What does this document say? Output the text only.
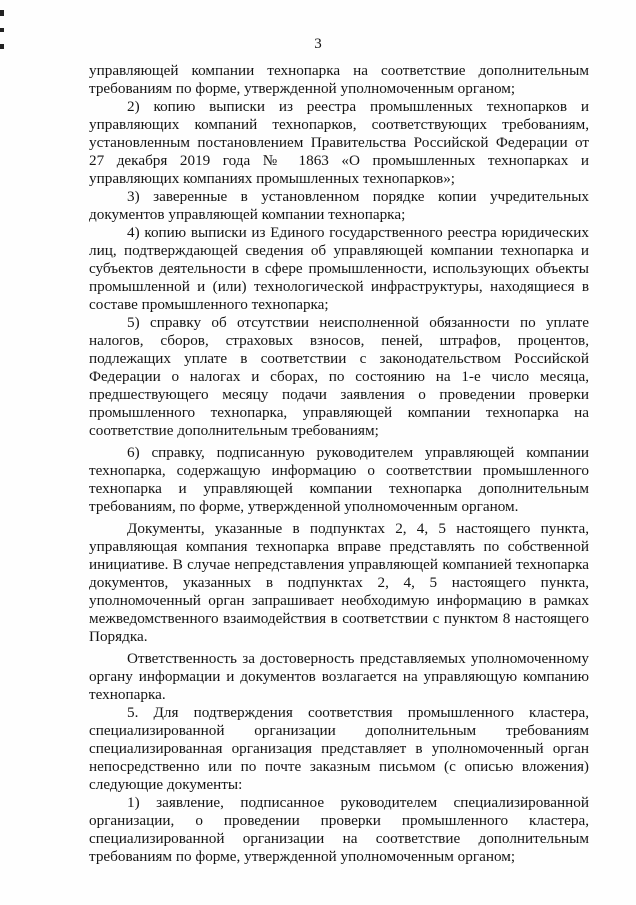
3

управляющей компании технопарка на соответствие дополнительным требованиям по форме, утвержденной уполномоченным органом;

2) копию выписки из реестра промышленных технопарков и управляющих компаний технопарков, соответствующих требованиям, установленным постановлением Правительства Российской Федерации от 27 декабря 2019 года № 1863 «О промышленных технопарках и управляющих компаниях промышленных технопарков»;

3) заверенные в установленном порядке копии учредительных документов управляющей компании технопарка;

4) копию выписки из Единого государственного реестра юридических лиц, подтверждающей сведения об управляющей компании технопарка и субъектов деятельности в сфере промышленности, использующих объекты промышленной и (или) технологической инфраструктуры, находящиеся в составе промышленного технопарка;

5) справку об отсутствии неисполненной обязанности по уплате налогов, сборов, страховых взносов, пеней, штрафов, процентов, подлежащих уплате в соответствии с законодательством Российской Федерации о налогах и сборах, по состоянию на 1-е число месяца, предшествующего месяцу подачи заявления о проведении проверки промышленного технопарка, управляющей компании технопарка на соответствие дополнительным требованиям;

6) справку, подписанную руководителем управляющей компании технопарка, содержащую информацию о соответствии промышленного технопарка и управляющей компании технопарка дополнительным требованиям, по форме, утвержденной уполномоченным органом.

Документы, указанные в подпунктах 2, 4, 5 настоящего пункта, управляющая компания технопарка вправе представлять по собственной инициативе. В случае непредставления управляющей компанией технопарка документов, указанных в подпунктах 2, 4, 5 настоящего пункта, уполномоченный орган запрашивает необходимую информацию в рамках межведомственного взаимодействия в соответствии с пунктом 8 настоящего Порядка.

Ответственность за достоверность представляемых уполномоченному органу информации и документов возлагается на управляющую компанию технопарка.

5. Для подтверждения соответствия промышленного кластера, специализированной организации дополнительным требованиям специализированная организация представляет в уполномоченный орган непосредственно или по почте заказным письмом (с описью вложения) следующие документы:

1) заявление, подписанное руководителем специализированной организации, о проведении проверки промышленного кластера, специализированной организации на соответствие дополнительным требованиям по форме, утвержденной уполномоченным органом;
